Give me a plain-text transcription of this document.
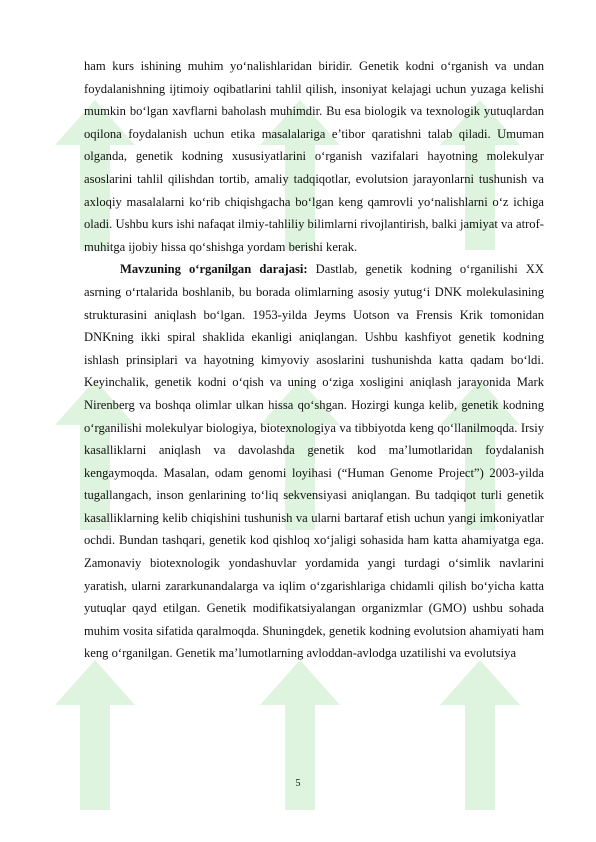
ham kurs ishining muhim yo‘nalishlaridan biridir. Genetik kodni o‘rganish va undan foydalanishning ijtimoiy oqibatlarini tahlil qilish, insoniyat kelajagi uchun yuzaga kelishi mumkin bo‘lgan xavflarni baholash muhimdir. Bu esa biologik va texnologik yutuqlardan oqilona foydalanish uchun etika masalalariga e’tibor qaratishni talab qiladi. Umuman olganda, genetik kodning xususiyatlarini o‘rganish vazifalari hayotning molekulyar asoslarini tahlil qilishdan tortib, amaliy tadqiqotlar, evolutsion jarayonlarni tushunish va axloqiy masalalarni ko‘rib chiqishgacha bo‘lgan keng qamrovli yo‘nalishlarni o‘z ichiga oladi. Ushbu kurs ishi nafaqat ilmiy-tahliliy bilimlarni rivojlantirish, balki jamiyat va atrof-muhitga ijobiy hissa qo‘shishga yordam berishi kerak.

Mavzuning o‘rganilgan darajasi: Dastlab, genetik kodning o‘rganilishi XX asrning o‘rtalarida boshlanib, bu borada olimlarning asosiy yutug‘i DNK molekulasining strukturasini aniqlash bo‘lgan. 1953-yilda Jeyms Uotson va Frensis Krik tomonidan DNKning ikki spiral shaklida ekanligi aniqlangan. Ushbu kashfiyot genetik kodning ishlash prinsiplari va hayotning kimyoviy asoslarini tushunishda katta qadam bo‘ldi. Keyinchalik, genetik kodni o‘qish va uning o‘ziga xosligini aniqlash jarayonida Mark Nirenberg va boshqa olimlar ulkan hissa qo‘shgan. Hozirgi kunga kelib, genetik kodning o‘rganilishi molekulyar biologiya, biotexnologiya va tibbiyotda keng qo‘llanilmoqda. Irsiy kasalliklarni aniqlash va davolashda genetik kod ma’lumotlaridan foydalanish kengaymoqda. Masalan, odam genomi loyihasi (“Human Genome Project”) 2003-yilda tugallangach, inson genlarining to‘liq sekvensiyasi aniqlangan. Bu tadqiqot turli genetik kasalliklarning kelib chiqishini tushunish va ularni bartaraf etish uchun yangi imkoniyatlar ochdi. Bundan tashqari, genetik kod qishloq xo‘jaligi sohasida ham katta ahamiyatga ega. Zamonaviy biotexnologik yondashuvlar yordamida yangi turdagi o‘simlik navlarini yaratish, ularni zararkunandalarga va iqlim o‘zgarishlariga chidamli qilish bo‘yicha katta yutuqlar qayd etilgan. Genetik modifikatsiyalangan organizmlar (GMO) ushbu sohada muhim vosita sifatida qaralmoqda. Shuningdek, genetik kodning evolutsion ahamiyati ham keng o‘rganilgan. Genetik ma’lumotlarning avloddan-avlodga uzatilishi va evolutsiya

5
